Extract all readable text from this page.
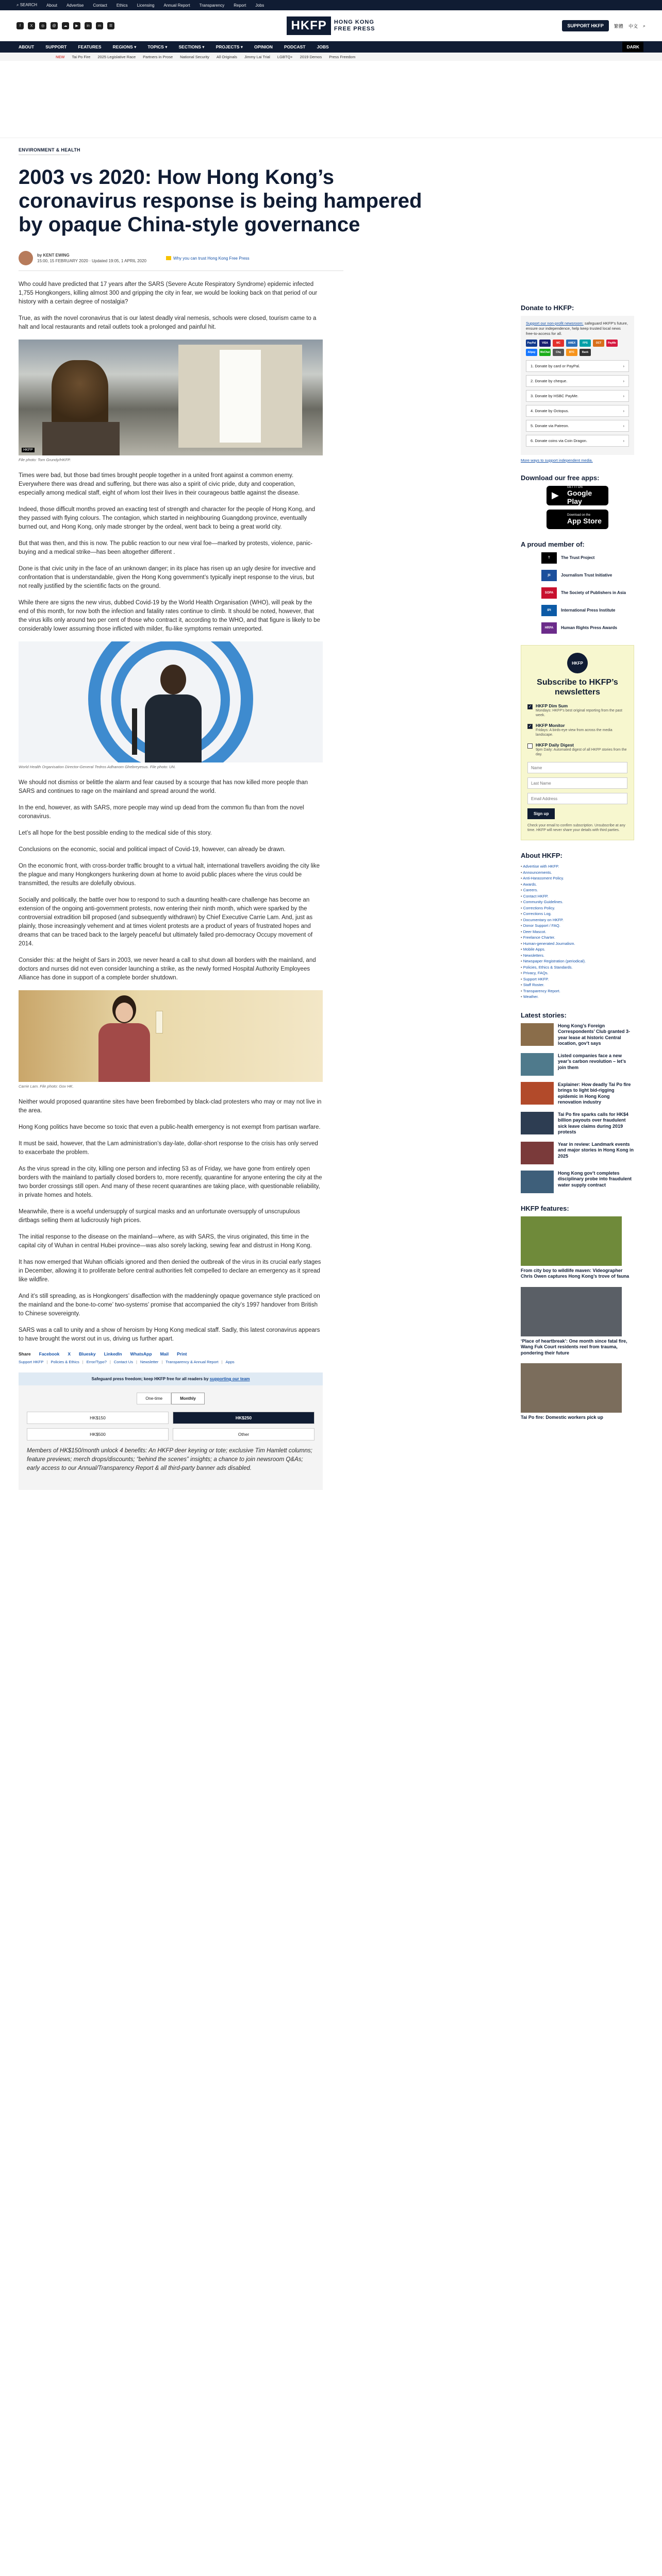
⌕ SEARCH About Advertise Contact Ethics Licensing Annual Report Transparency Report Jobs
f	X	◎	@	☁	▶	in	m	☰	HKFP	HONG KONG
FREE PRESS	SUPPORT HKFP	繁體 中文 ⌕
ABOUT	SUPPORT	FEATURES	REGIONS ▾	TOPICS ▾	SECTIONS ▾	PROJECTS ▾	OPINION	PODCAST	JOBS	DARK
NEW Tai Po Fire 2025 Legislative Race Partners in Prose National Security All Originals Jimmy Lai Trial LGBTQ+ 2019 Demos Press Freedom
ENVIRONMENT & HEALTH
2003 vs 2020: How Hong Kong’s coronavirus response is being hampered by opaque China-style governance
by KENT EWING
15:00, 15 FEBRUARY 2020 · Updated 19:05, 1 APRIL 2020
Why you can trust Hong Kong Free Press

Who could have predicted that 17 years after the SARS (Severe Acute Respiratory Syndrome) epidemic infected 1,755 Hongkongers, killing almost 300 and gripping the city in fear, we would be looking back on that period of our history with a certain degree of nostalgia?

True, as with the novel coronavirus that is our latest deadly viral nemesis, schools were closed, tourism came to a halt and local restaurants and retail outlets took a prolonged and painful hit.

HKFP
File photo: Tom Grundy/HKFP.

Times were bad, but those bad times brought people together in a united front against a common enemy. Everywhere there was dread and suffering, but there was also a spirit of civic pride, duty and cooperation, especially among medical staff, eight of whom lost their lives in their courageous battle against the disease.

Indeed, those difficult months proved an exacting test of strength and character for the people of Hong Kong, and they passed with flying colours. The contagion, which started in neighbouring Guangdong province, eventually burned out, and Hong Kong, only made stronger by the ordeal, went back to being a great world city.

But that was then, and this is now. The public reaction to our new viral foe—marked by protests, violence, panic-buying and a medical strike—has been altogether different .

Done is that civic unity in the face of an unknown danger; in its place has risen up an ugly desire for invective and confrontation that is understandable, given the Hong Kong government’s typically inept response to the virus, but not really justified by the scientific facts on the ground.

While there are signs the new virus, dubbed Covid-19 by the World Health Organisation (WHO), will peak by the end of this month, for now both the infection and fatality rates continue to climb. It should be noted, however, that the virus kills only around two per cent of those who contract it, according to the WHO, and that figure is likely to be considerably lower assuming those inflicted with milder, flu-like symptoms remain unreported.

World Health Organisation Director-General Tedros Adhanom Ghebreyesus. File photo: UN.

We should not dismiss or belittle the alarm and fear caused by a scourge that has now killed more people than SARS and continues to rage on the mainland and spread around the world.

In the end, however, as with SARS, more people may wind up dead from the common flu than from the novel coronavirus.

Let’s all hope for the best possible ending to the medical side of this story.

Conclusions on the economic, social and political impact of Covid-19, however, can already be drawn.

On the economic front, with cross-border traffic brought to a virtual halt, international travellers avoiding the city like the plague and many Hongkongers hunkering down at home to avoid public places where the virus could be transmitted, the results are dolefully obvious.

Socially and politically, the battle over how to respond to such a daunting health-care challenge has become an extension of the ongoing anti-government protests, now entering their ninth month, which were sparked by the controversial extradition bill proposed (and subsequently withdrawn) by Chief Executive Carrie Lam. And, just as plainly, those increasingly vehement and at times violent protests are a product of years of frustrated hopes and dreams that can be traced back to the largely peaceful but ultimately failed pro-democracy Occupy movement of 2014.

Consider this: at the height of Sars in 2003, we never heard a call to shut down all borders with the mainland, and doctors and nurses did not even consider launching a strike, as the newly formed Hospital Authority Employees Alliance has done in support of a complete border shutdown.

Carrie Lam. File photo: Gov HK.

Neither would proposed quarantine sites have been firebombed by black-clad protesters who may or may not live in the area.

Hong Kong politics have become so toxic that even a public-health emergency is not exempt from partisan warfare.

It must be said, however, that the Lam administration’s day-late, dollar-short response to the crisis has only served to exacerbate the problem.

As the virus spread in the city, killing one person and infecting 53 as of Friday, we have gone from entirely open borders with the mainland to partially closed borders to, more recently, quarantine for anyone entering the city at the two border crossings still open. And many of these recent quarantines are taking place, with questionable reliability, in private homes and hotels.

Meanwhile, there is a woeful undersupply of surgical masks and an unfortunate oversupply of unscrupulous dirtbags selling them at ludicrously high prices.

The initial response to the disease on the mainland—where, as with SARS, the virus originated, this time in the capital city of Wuhan in central Hubei province—was also sorely lacking, sewing fear and distrust in Hong Kong.

It has now emerged that Wuhan officials ignored and then denied the outbreak of the virus in its crucial early stages in December, allowing it to proliferate before central authorities felt compelled to declare an emergency as it spread like wildfire.

And it’s still spreading, as is Hongkongers’ disaffection with the maddeningly opaque governance style practiced on the mainland and the bone-to-come’ two-systems’ promise that accompanied the city’s 1997 handover from British to Chinese sovereignty.

SARS was a call to unity and a show of heroism by Hong Kong medical staff. Sadly, this latest coronavirus appears to have brought the worst out in us, driving us further apart.

Share Facebook X Bluesky LinkedIn WhatsApp Mail Print
Support HKFP | Policies & Ethics | Error/Typo? | Contact Us | Newsletter | Transparency & Annual Report | Apps
Safeguard press freedom; keep HKFP free for all readers by supporting our team
One-time	Monthly
HK$150	HK$250
HK$500	Other

Members of HK$150/month unlock 4 benefits: An HKFP deer keyring or tote; exclusive Tim Hamlett columns; feature previews; merch drops/discounts; “behind the scenes” insights; a chance to join newsroom Q&As; early access to our Annual/Transparency Report & all third-party banner ads disabled.

Donate to HKFP:

Support our non-profit newsroom: safeguard HKFP’s future, ensure our independence, help keep trusted local news free-to-access for all.

PayPal	VISA	MC	AMEX	FPS	OCT	PayMe
Alipay	WeChat	Chq	BTC	Bank
1. Donate by card or PayPal.	›
2. Donate by cheque.	›
3. Donate by HSBC PayMe.	›
4. Donate by Octopus.	›
5. Donate via Patreon.	›
6. Donate coins via Coin Dragon.	›
More ways to support independent media.
Download our free apps:
▶
GET IT ON
Google Play
Download on the
App Store
A proud member of:
T	The Trust Project
jti	Journalism Trust Initiative
SOPA	The Society of Publishers in Asia
IPI	International Press Institute
HRPA	Human Rights Press Awards
HKFP
Subscribe to HKFP’s newsletters
✓ HKFP Dim Sum
Mondays: HKFP’s best original reporting from the past week.
✓ HKFP Monitor
Fridays: A birds-eye view from across the media landscape.
HKFP Daily Digest
9pm Daily: Automated digest of all HKFP stories from the day.
Name Last Name Email Address Sign up

Check your email to confirm subscription. Unsubscribe at any time. HKFP will never share your details with third parties.

About HKFP:
• Advertise with HKFP.
• Announcements.
• Anti-Harassment Policy.
• Awards.
• Careers.
• Contact HKFP.
• Community Guidelines.
• Corrections Policy.
• Corrections Log.
• Documentary on HKFP.
• Donor Support / FAQ.
• Deer Mascot.
• Freelance Charter.
• Human-generated Journalism.
• Mobile Apps.
• Newsletters.
• Newspaper Registration (periodical).
• Policies, Ethics & Standards.
• Privacy, FAQs.
• Support HKFP.
• Staff Roster.
• Transparency Report.
• Weather.
Latest stories:
Hong Kong’s Foreign Correspondents’ Club granted 3-year lease at historic Central location, gov’t says
Listed companies face a new year’s carbon revolution – let’s join them
Explainer: How deadly Tai Po fire brings to light bid-rigging epidemic in Hong Kong renovation industry
Tai Po fire sparks calls for HK$4 billion payouts over fraudulent sick leave claims during 2019 protests
Year in review: Landmark events and major stories in Hong Kong in 2025
Hong Kong gov’t completes disciplinary probe into fraudulent water supply contract
HKFP features:
From city boy to wildlife maven: Videographer Chris Owen captures Hong Kong’s trove of fauna
‘Place of heartbreak’: One month since fatal fire, Wang Fuk Court residents reel from trauma, pondering their future
Tai Po fire: Domestic workers pick up
